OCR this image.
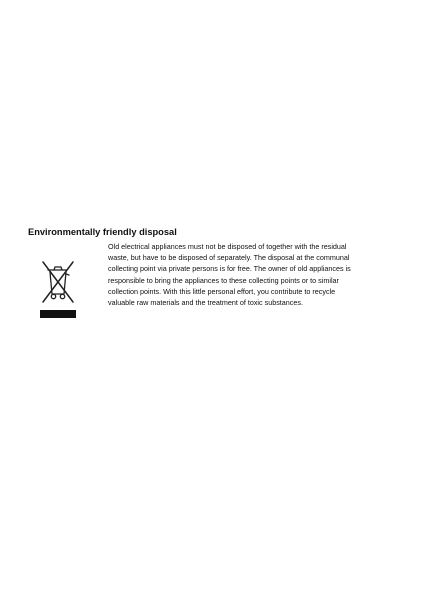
Environmentally friendly disposal

Old electrical appliances must not be disposed of together with the residual
waste, but have to be disposed of separately. The disposal at the communal
collecting point via private persons is for free. The owner of old appliances is
responsible to bring the appliances to these collecting points or to similar
collection points. With this little personal effort, you contribute to recycle
valuable raw materials and the treatment of toxic substances.
